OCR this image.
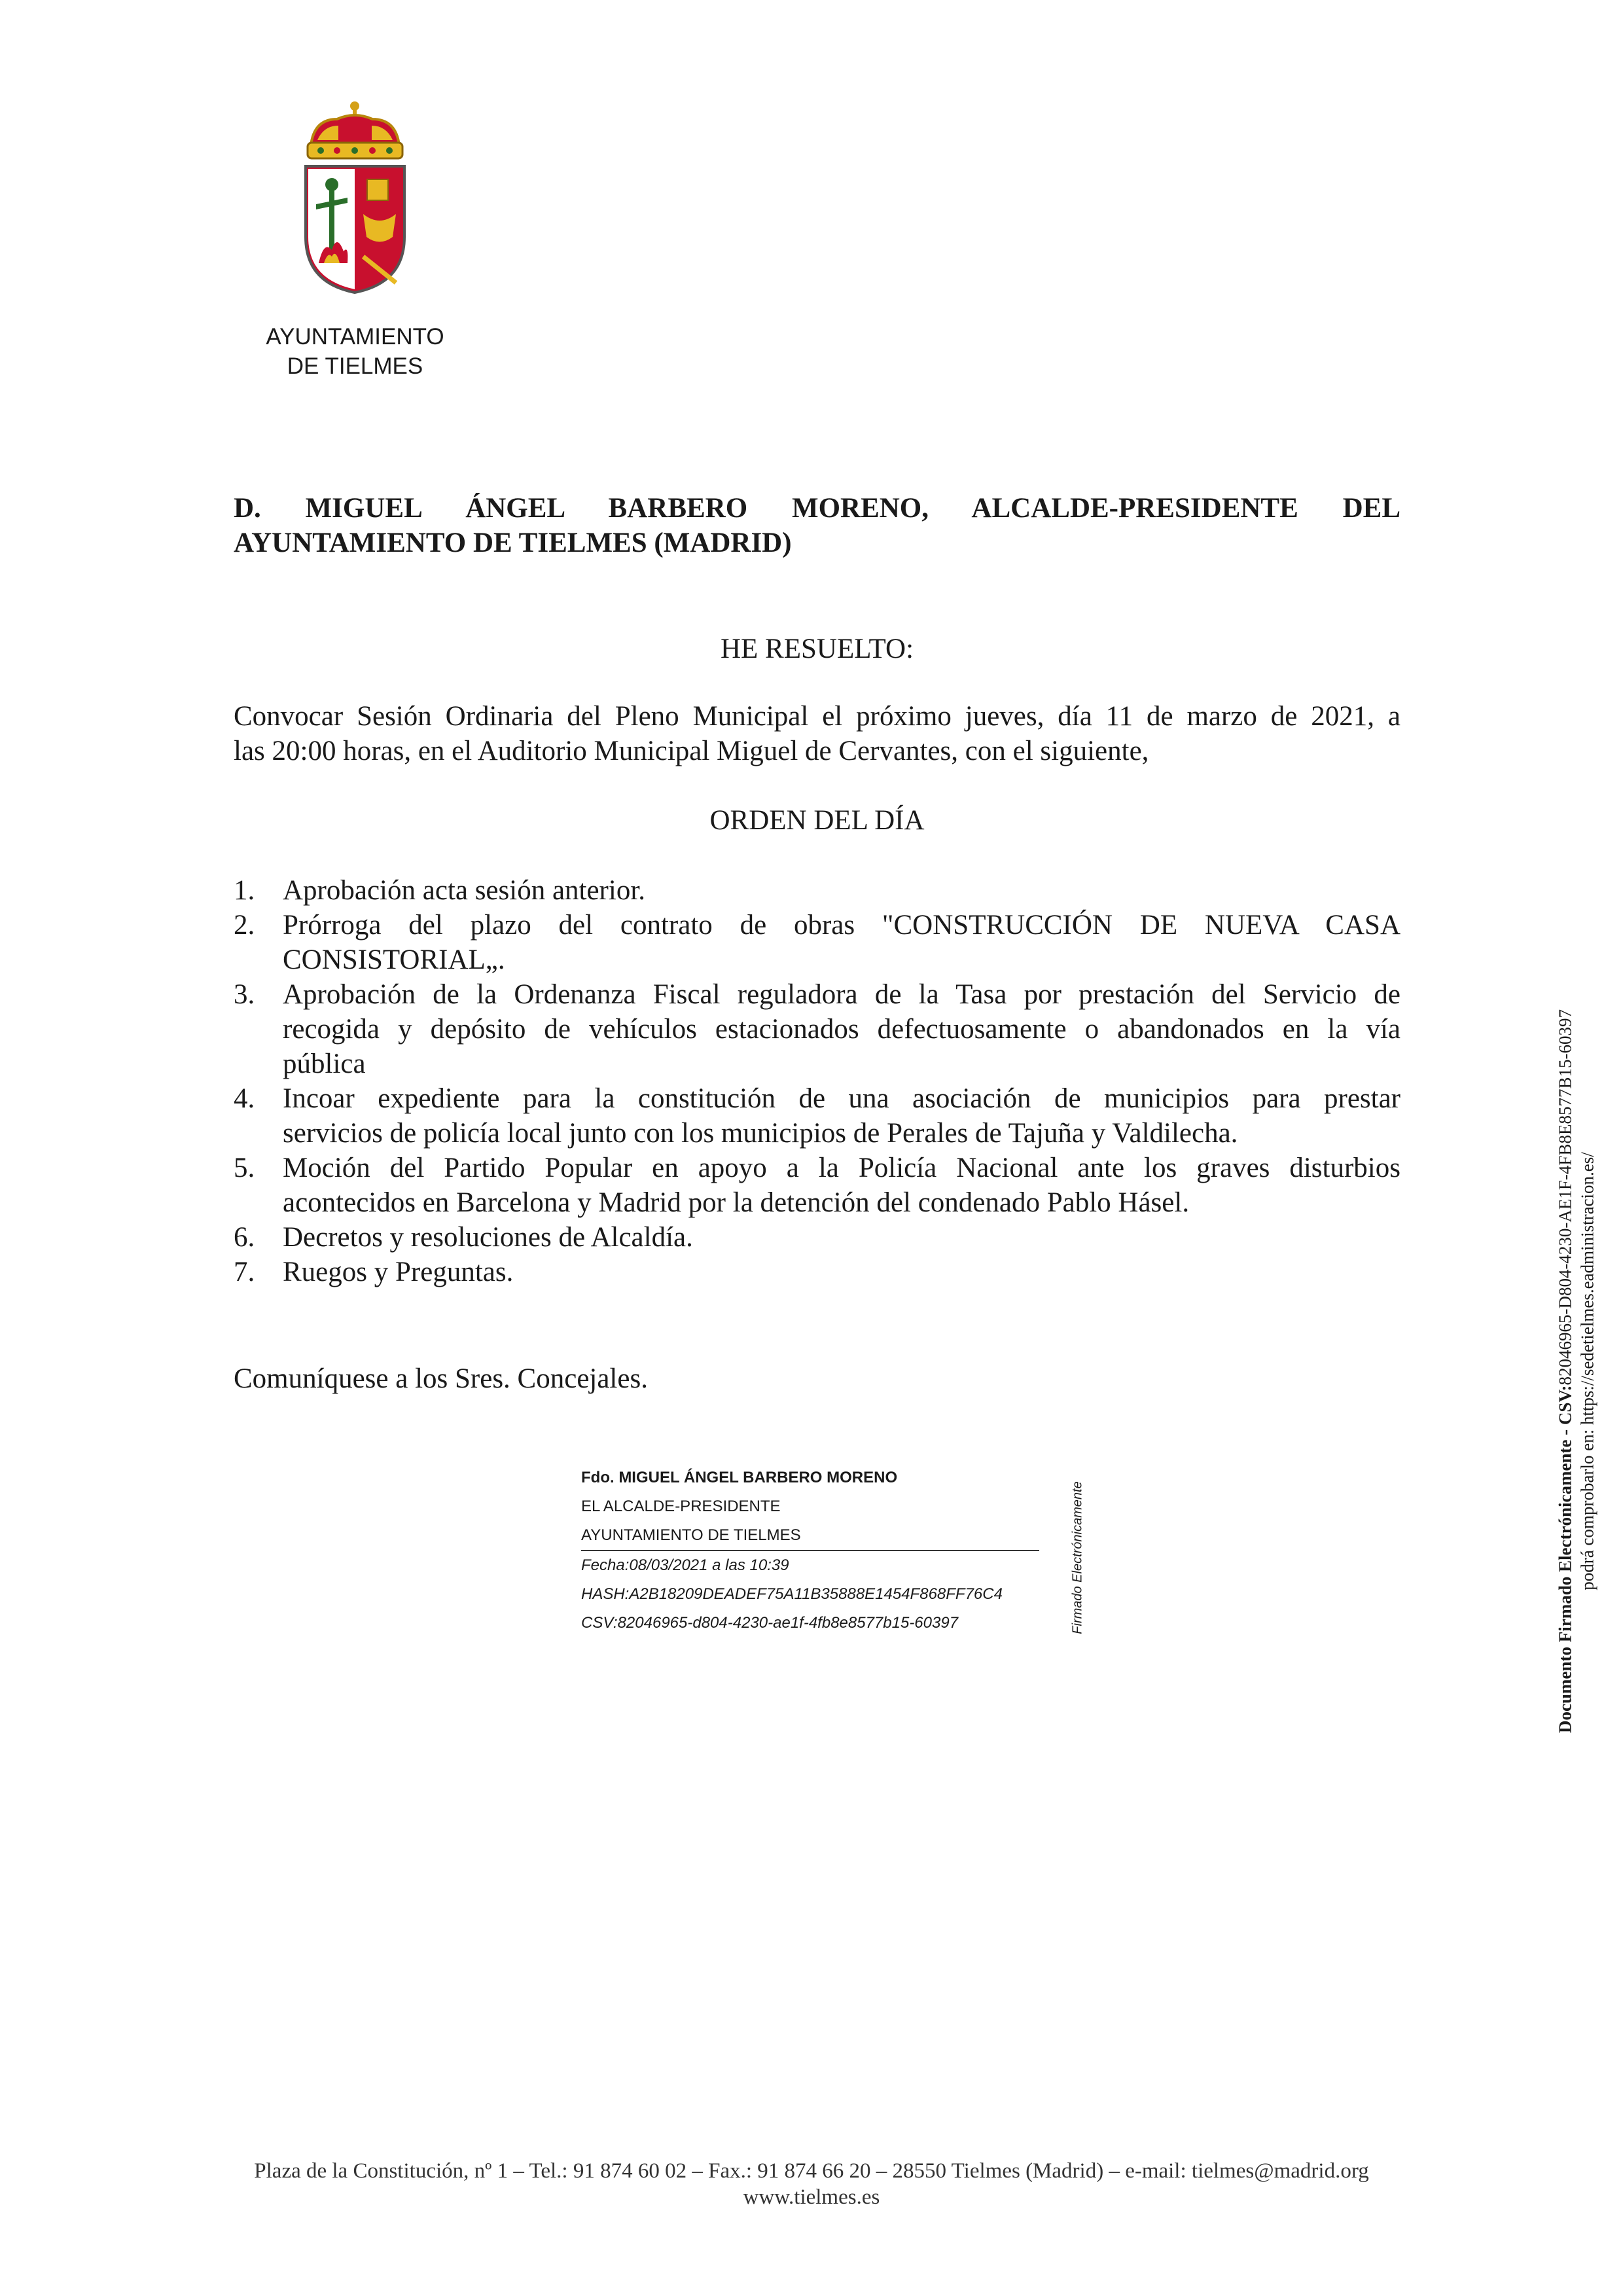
AYUNTAMIENTO
DE TIELMES
D. MIGUEL ÁNGEL BARBERO MORENO, ALCALDE-PRESIDENTE DEL
AYUNTAMIENTO DE TIELMES (MADRID)
HE RESUELTO:
Convocar Sesión Ordinaria del Pleno Municipal el próximo jueves, día 11 de marzo de 2021, a
las 20:00 horas, en el Auditorio Municipal Miguel de Cervantes, con el siguiente,
ORDEN DEL DÍA
1. Aprobación acta sesión anterior.
2. Prórroga del plazo del contrato de obras "CONSTRUCCIÓN DE NUEVA CASA
CONSISTORIAL„.
3. Aprobación de la Ordenanza Fiscal reguladora de la Tasa por prestación del Servicio de
recogida y depósito de vehículos estacionados defectuosamente o abandonados en la vía
pública
4. Incoar expediente para la constitución de una asociación de municipios para prestar
servicios de policía local junto con los municipios de Perales de Tajuña y Valdilecha.
5. Moción del Partido Popular en apoyo a la Policía Nacional ante los graves disturbios
acontecidos en Barcelona y Madrid por la detención del condenado Pablo Hásel.
6. Decretos y resoluciones de Alcaldía.
7. Ruegos y Preguntas.
Comuníquese a los Sres. Concejales.
Fdo. MIGUEL ÁNGEL BARBERO MORENO
EL ALCALDE-PRESIDENTE
AYUNTAMIENTO DE TIELMES
Fecha:08/03/2021 a las 10:39
HASH:A2B18209DEADEF75A11B35888E1454F868FF76C4
CSV:82046965-d804-4230-ae1f-4fb8e8577b15-60397	Firmado Electrónicamente	Documento Firmado Electrónicamente - CSV:82046965-D804-4230-AE1F-4FB8E8577B15-60397 podrá comprobarlo en: https://sedetielmes.eadministracion.es/
Plaza de la Constitución, nº 1 – Tel.: 91 874 60 02 – Fax.: 91 874 66 20 – 28550 Tielmes (Madrid) – e-mail: tielmes@madrid.org
www.tielmes.es
